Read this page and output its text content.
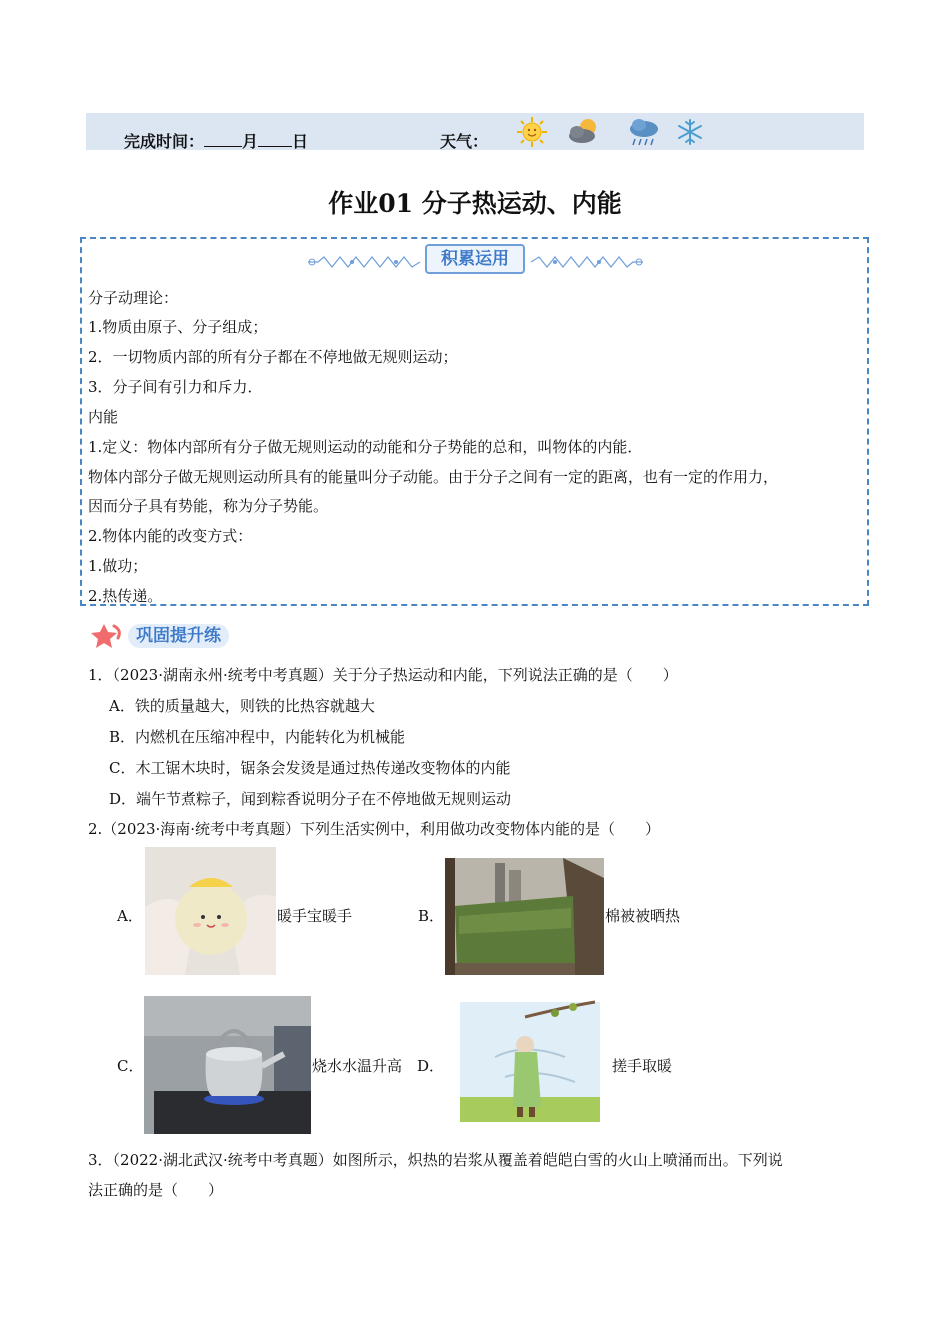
完成时间： 月 日	天气：
作业01 分子热运动、内能
积累运用
分子动理论：
1.物质由原子、分子组成；
2．一切物质内部的所有分子都在不停地做无规则运动；
3．分子间有引力和斥力．
内能
1.定义：物体内部所有分子做无规则运动的动能和分子势能的总和，叫物体的内能．
物体内部分子做无规则运动所具有的能量叫分子动能。由于分子之间有一定的距离，也有一定的作用力，
因而分子具有势能，称为分子势能。
2.物体内能的改变方式：
1.做功；
2.热传递。
巩固提升练
1．（2023·湖南永州·统考中考真题）关于分子热运动和内能，下列说法正确的是（　　）
A．铁的质量越大，则铁的比热容就越大
B．内燃机在压缩冲程中，内能转化为机械能
C．木工锯木块时，锯条会发烫是通过热传递改变物体的内能
D．端午节煮粽子，闻到粽香说明分子在不停地做无规则运动
2.（2023·海南·统考中考真题）下列生活实例中，利用做功改变物体内能的是（　　）
A．	暖手宝暖手	B．	棉被被晒热
C．	烧水水温升高 D．	搓手取暖
3．（2022·湖北武汉·统考中考真题）如图所示，炽热的岩浆从覆盖着皑皑白雪的火山上喷涌而出。下列说
法正确的是（　　）
